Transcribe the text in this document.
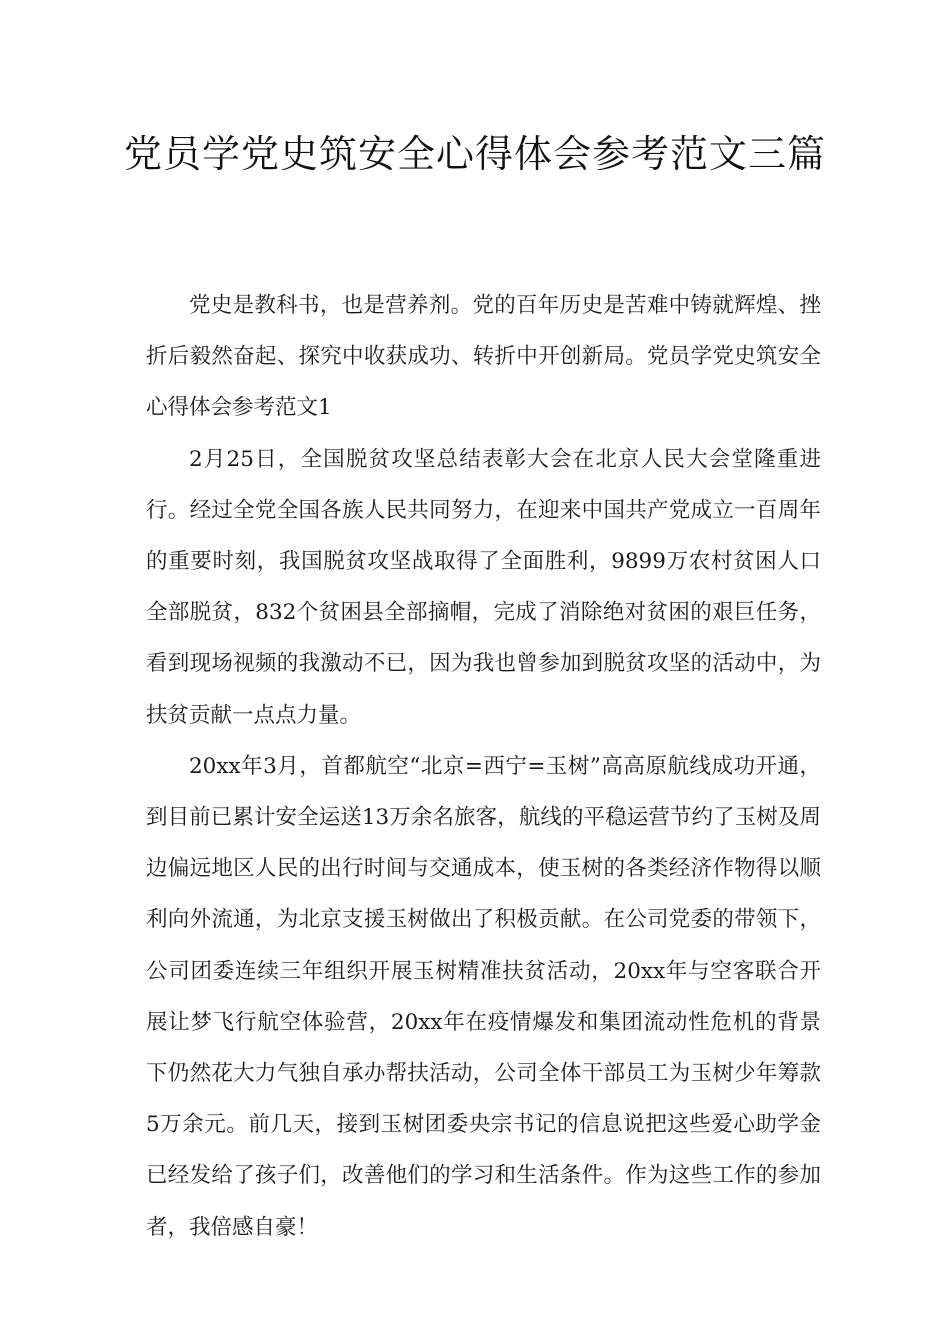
党员学党史筑安全心得体会参考范文三篇

党史是教科书，也是营养剂。党的百年历史是苦难中铸就辉煌、挫折后毅然奋起、探究中收获成功、转折中开创新局。党员学党史筑安全心得体会参考范文1

2月25日，全国脱贫攻坚总结表彰大会在北京人民大会堂隆重进行。经过全党全国各族人民共同努力，在迎来中国共产党成立一百周年的重要时刻，我国脱贫攻坚战取得了全面胜利，9899万农村贫困人口全部脱贫，832个贫困县全部摘帽，完成了消除绝对贫困的艰巨任务，看到现场视频的我激动不已，因为我也曾参加到脱贫攻坚的活动中，为扶贫贡献一点点力量。

20xx年3月，首都航空“北京=西宁=玉树”高高原航线成功开通，到目前已累计安全运送13万余名旅客，航线的平稳运营节约了玉树及周边偏远地区人民的出行时间与交通成本，使玉树的各类经济作物得以顺利向外流通，为北京支援玉树做出了积极贡献。在公司党委的带领下，公司团委连续三年组织开展玉树精准扶贫活动，20xx年与空客联合开展让梦飞行航空体验营，20xx年在疫情爆发和集团流动性危机的背景下仍然花大力气独自承办帮扶活动，公司全体干部员工为玉树少年筹款5万余元。前几天，接到玉树团委央宗书记的信息说把这些爱心助学金已经发给了孩子们，改善他们的学习和生活条件。作为这些工作的参加者，我倍感自豪！
